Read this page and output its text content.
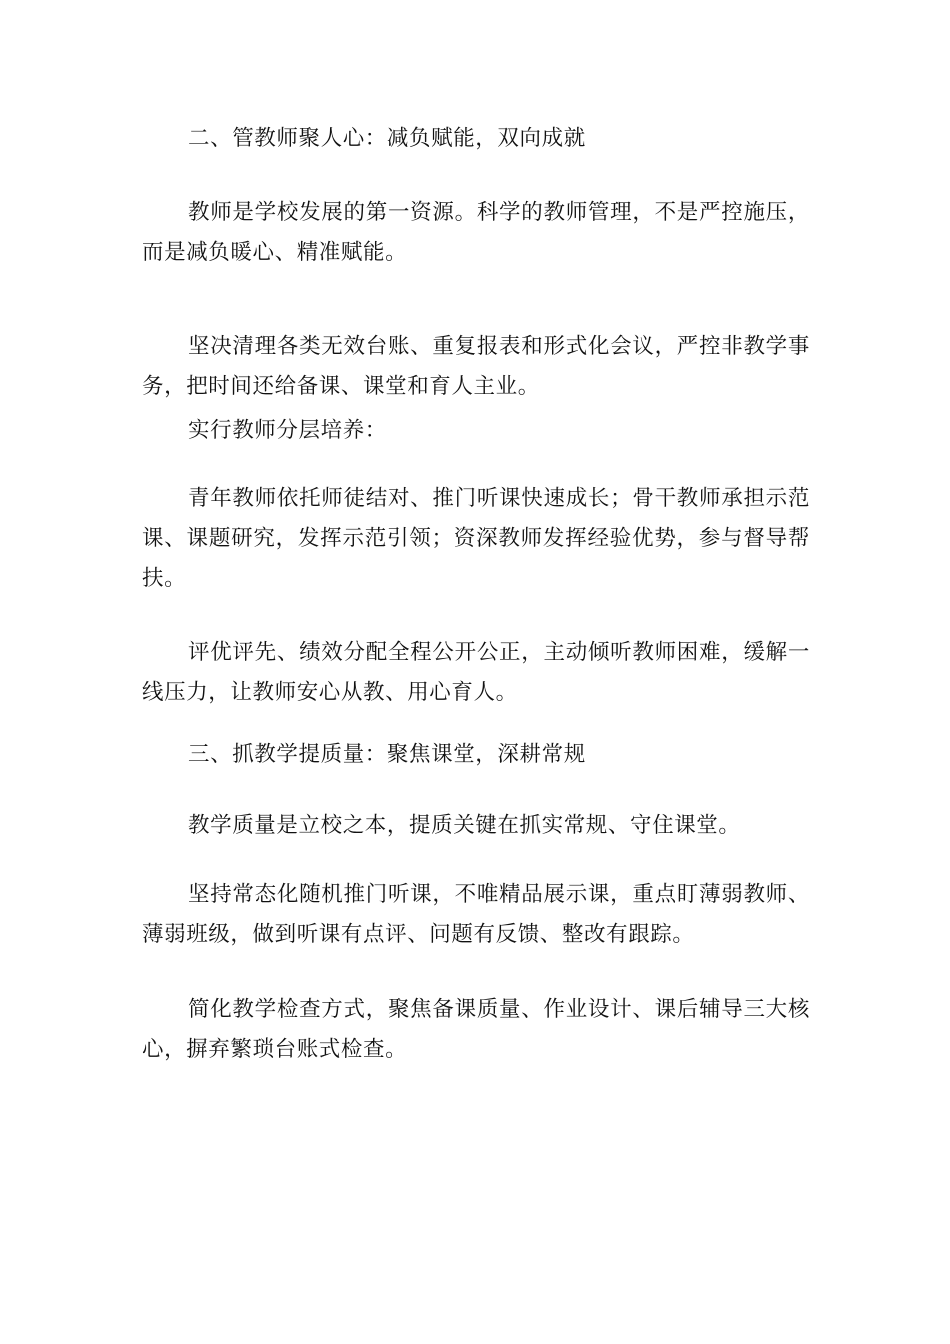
二、管教师聚人心：减负赋能，双向成就

教师是学校发展的第一资源。科学的教师管理，不是严控施压，而是减负暖心、精准赋能。

坚决清理各类无效台账、重复报表和形式化会议，严控非教学事务，把时间还给备课、课堂和育人主业。

实行教师分层培养：

青年教师依托师徒结对、推门听课快速成长；骨干教师承担示范课、课题研究，发挥示范引领；资深教师发挥经验优势，参与督导帮扶。

评优评先、绩效分配全程公开公正，主动倾听教师困难，缓解一线压力，让教师安心从教、用心育人。

三、抓教学提质量：聚焦课堂，深耕常规

教学质量是立校之本，提质关键在抓实常规、守住课堂。

坚持常态化随机推门听课，不唯精品展示课，重点盯薄弱教师、薄弱班级，做到听课有点评、问题有反馈、整改有跟踪。

简化教学检查方式，聚焦备课质量、作业设计、课后辅导三大核心，摒弃繁琐台账式检查。
